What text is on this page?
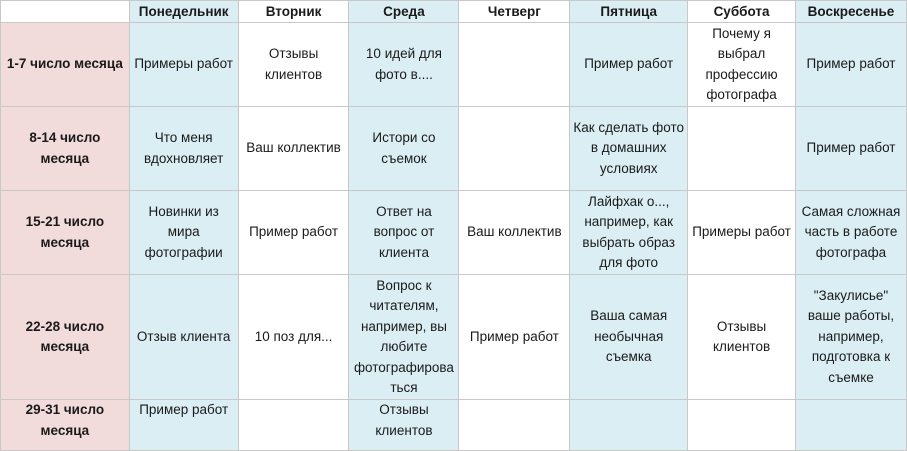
	Понедельник	Вторник	Среда	Четверг	Пятница	Суббота	Воскресенье
1-7 число месяца	Примеры работ	Отзывы клиентов	10 идей для фото в....		Пример работ	Почему я выбрал профессию фотографа	Пример работ
8-14 число месяца	Что меня вдохновляет	Ваш коллектив	Истори со съемок		Как сделать фото в домашних условиях		Пример работ
15-21 число месяца	Новинки из мира фотографии	Пример работ	Ответ на вопрос от клиента	Ваш коллектив	Лайфхак о..., например, как выбрать образ для фото	Примеры работ	Самая сложная часть в работе фотографа
22-28 число месяца	Отзыв клиента	10 поз для...	Вопрос к читателям, например, вы любите фотографирова ться	Пример работ	Ваша самая необычная съемка	Отзывы клиентов	"Закулисье" ваше работы, например, подготовка к съемке
29-31 число месяца	Пример работ		Отзывы клиентов				
